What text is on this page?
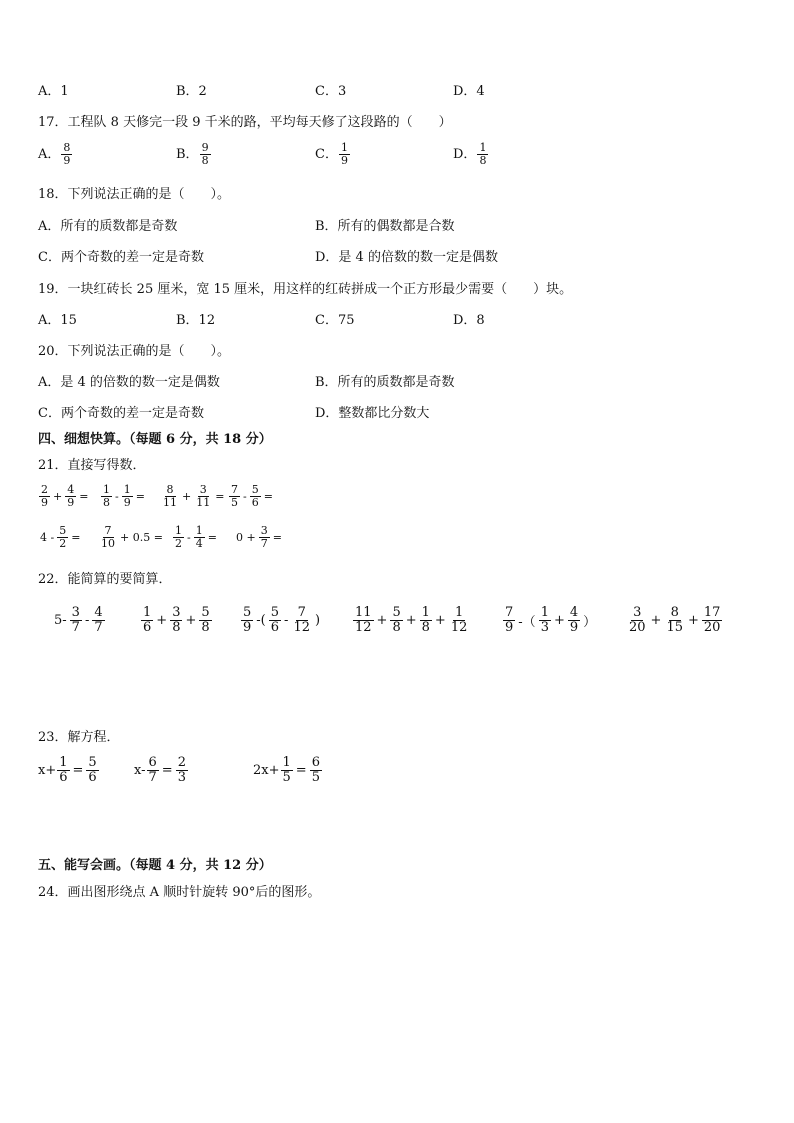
A．1	B．2	C．3	D．4
17．工程队 8 天修完一段 9 千米的路，平均每天修了这段路的（　　）
A． $\frac{8}{9}$	B． $\frac{9}{8}$	C． $\frac{1}{9}$	D． $\frac{1}{8}$
18．下列说法正确的是（　　）。
A．所有的质数都是奇数	B．所有的偶数都是合数
C．两个奇数的差一定是奇数	D．是 4 的倍数的数一定是偶数
19．一块红砖长 25 厘米，宽 15 厘米，用这样的红砖拼成一个正方形最少需要（　　）块。
A．15	B．12	C．75	D．8
20．下列说法正确的是（　　）。
A．是 4 的倍数的数一定是偶数	B．所有的质数都是奇数
C．两个奇数的差一定是奇数	D．整数都比分数大
四、细想快算。（每题 6 分，共 18 分）
21．直接写得数．
$\frac{2}{9} + \frac{4}{9} = \frac{1}{8} - \frac{1}{9} = \frac{8}{11} + \frac{3}{11} = \frac{7}{5} - \frac{5}{6}$ =
$4 - \frac{5}{2} = \frac{7}{10} + 0.5 = \frac{1}{2} - \frac{1}{4} = 0 + \frac{3}{7}$ =
22．能简算的要简算．
$5- \frac{3}{7} - \frac{4}{7}$	$\frac{1}{6} + \frac{3}{8} + \frac{5}{8} \frac{5}{9}$ -( $\frac{5}{6} - \frac{7}{12}$ )	$\frac{11}{12} + \frac{5}{8} + \frac{1}{8} + \frac{1}{12}$	$\frac{7}{9}$ -（ $\frac{1}{3} + \frac{4}{9}$ ） $\frac{3}{20} + \frac{8}{15} + \frac{17}{20}$
23．解方程．
$x+ \frac{1}{6} = \frac{5}{6}$	$x- \frac{6}{7} = \frac{2}{3}$	$2x+ \frac{1}{5} = \frac{6}{5}$
五、能写会画。（每题 4 分，共 12 分）
24．画出图形绕点 A 顺时针旋转 90°后的图形。
